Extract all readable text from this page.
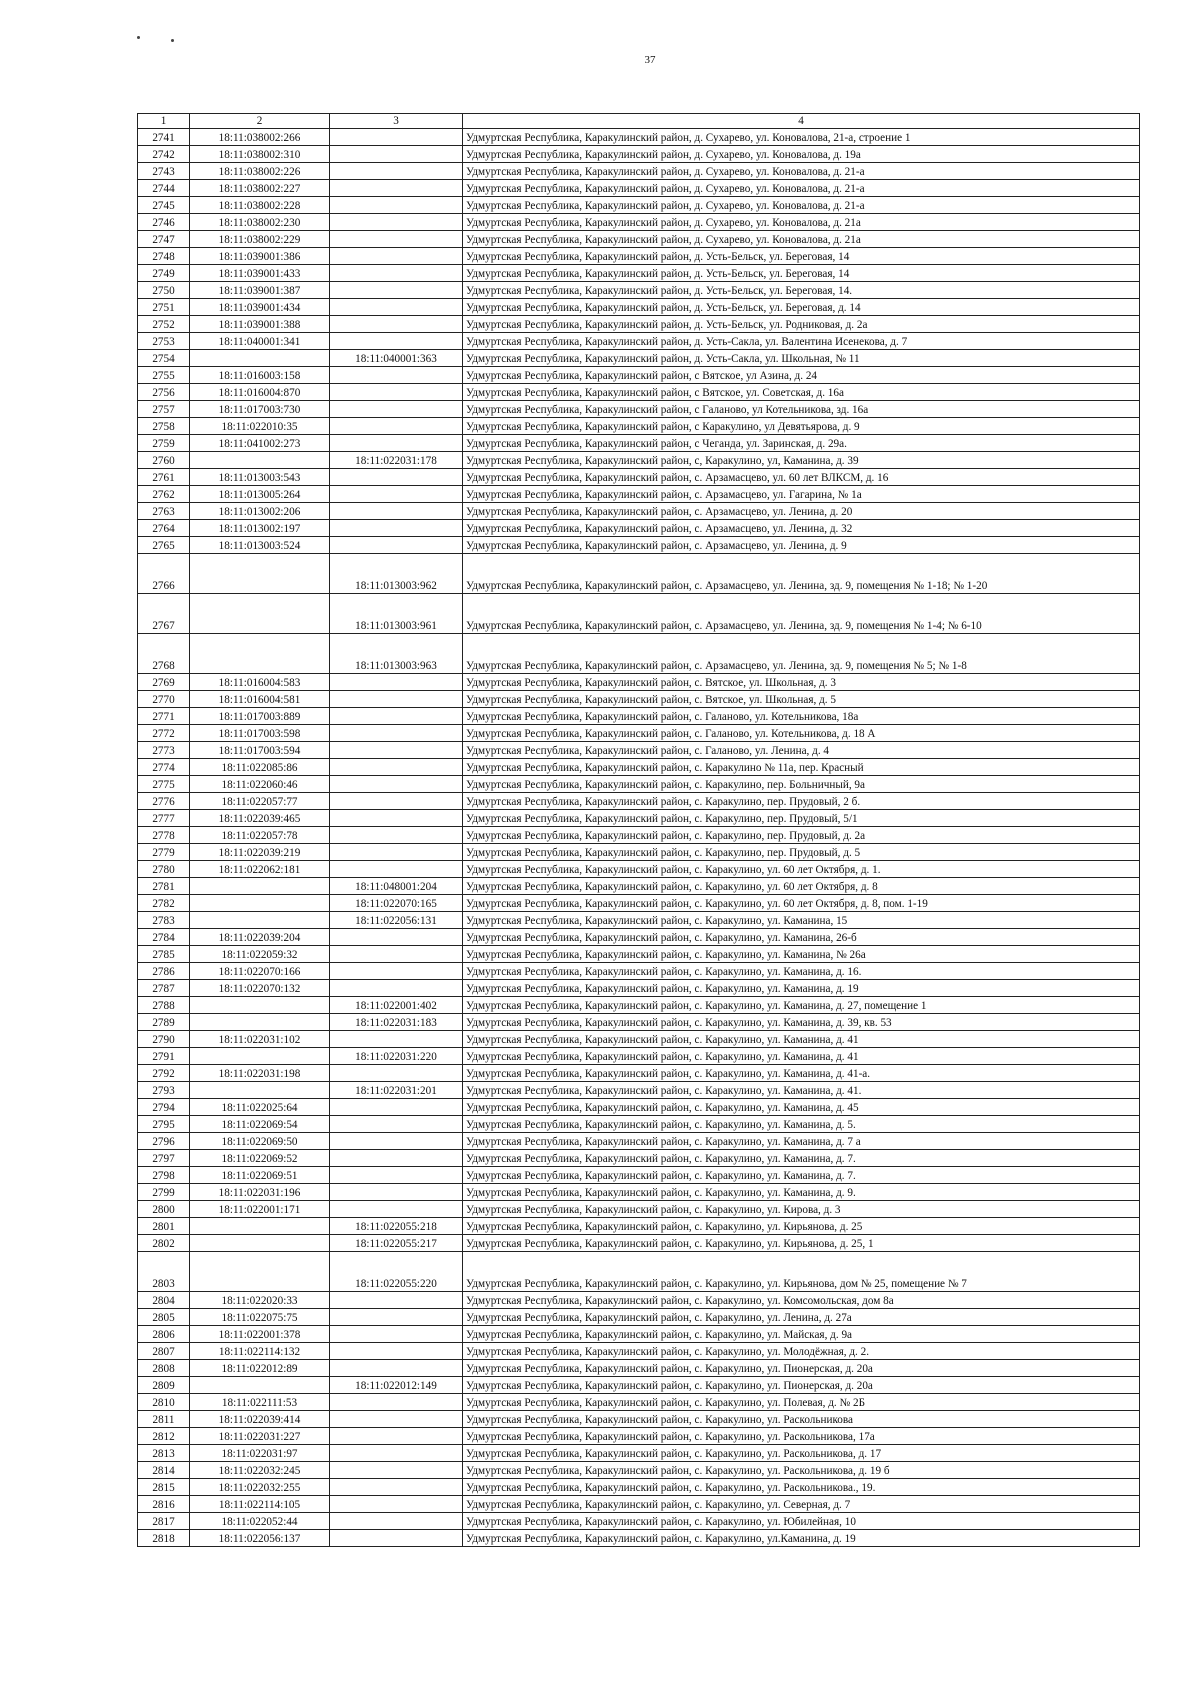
37
1	2	3	4
2741	18:11:038002:266		Удмуртская Республика, Каракулинский район, д. Сухарево, ул. Коновалова, 21-а, строение 1
2742	18:11:038002:310		Удмуртская Республика, Каракулинский район, д. Сухарево, ул. Коновалова, д. 19а
2743	18:11:038002:226		Удмуртская Республика, Каракулинский район, д. Сухарево, ул. Коновалова, д. 21-а
2744	18:11:038002:227		Удмуртская Республика, Каракулинский район, д. Сухарево, ул. Коновалова, д. 21-а
2745	18:11:038002:228		Удмуртская Республика, Каракулинский район, д. Сухарево, ул. Коновалова, д. 21-а
2746	18:11:038002:230		Удмуртская Республика, Каракулинский район, д. Сухарево, ул. Коновалова, д. 21а
2747	18:11:038002:229		Удмуртская Республика, Каракулинский район, д. Сухарево, ул. Коновалова, д. 21а
2748	18:11:039001:386		Удмуртская Республика, Каракулинский район, д. Усть-Бельск, ул. Береговая, 14
2749	18:11:039001:433		Удмуртская Республика, Каракулинский район, д. Усть-Бельск, ул. Береговая, 14
2750	18:11:039001:387		Удмуртская Республика, Каракулинский район, д. Усть-Бельск, ул. Береговая, 14.
2751	18:11:039001:434		Удмуртская Республика, Каракулинский район, д. Усть-Бельск, ул. Береговая, д. 14
2752	18:11:039001:388		Удмуртская Республика, Каракулинский район, д. Усть-Бельск, ул. Родниковая, д. 2а
2753	18:11:040001:341		Удмуртская Республика, Каракулинский район, д. Усть-Сакла, ул. Валентина Исенекова, д. 7
2754		18:11:040001:363	Удмуртская Республика, Каракулинский район, д. Усть-Сакла, ул. Школьная, № 11
2755	18:11:016003:158		Удмуртская Республика, Каракулинский район, с Вятское, ул Азина, д. 24
2756	18:11:016004:870		Удмуртская Республика, Каракулинский район, с Вятское, ул. Советская, д. 16а
2757	18:11:017003:730		Удмуртская Республика, Каракулинский район, с Галаново, ул Котельникова, зд. 16а
2758	18:11:022010:35		Удмуртская Республика, Каракулинский район, с Каракулино, ул Девятьярова, д. 9
2759	18:11:041002:273		Удмуртская Республика, Каракулинский район, с Чеганда, ул. Заринская, д. 29а.
2760		18:11:022031:178	Удмуртская Республика, Каракулинский район, с, Каракулино, ул, Каманина, д. 39
2761	18:11:013003:543		Удмуртская Республика, Каракулинский район, с. Арзамасцево, ул. 60 лет ВЛКСМ, д. 16
2762	18:11:013005:264		Удмуртская Республика, Каракулинский район, с. Арзамасцево, ул. Гагарина, № 1а
2763	18:11:013002:206		Удмуртская Республика, Каракулинский район, с. Арзамасцево, ул. Ленина, д. 20
2764	18:11:013002:197		Удмуртская Республика, Каракулинский район, с. Арзамасцево, ул. Ленина, д. 32
2765	18:11:013003:524		Удмуртская Республика, Каракулинский район, с. Арзамасцево, ул. Ленина, д. 9
2766		18:11:013003:962	Удмуртская Республика, Каракулинский район, с. Арзамасцево, ул. Ленина, зд. 9, помещения № 1-18; № 1-20
2767		18:11:013003:961	Удмуртская Республика, Каракулинский район, с. Арзамасцево, ул. Ленина, зд. 9, помещения № 1-4; № 6-10
2768		18:11:013003:963	Удмуртская Республика, Каракулинский район, с. Арзамасцево, ул. Ленина, зд. 9, помещения № 5; № 1-8
2769	18:11:016004:583		Удмуртская Республика, Каракулинский район, с. Вятское, ул. Школьная, д. 3
2770	18:11:016004:581		Удмуртская Республика, Каракулинский район, с. Вятское, ул. Школьная, д. 5
2771	18:11:017003:889		Удмуртская Республика, Каракулинский район, с. Галаново, ул. Котельникова, 18а
2772	18:11:017003:598		Удмуртская Республика, Каракулинский район, с. Галаново, ул. Котельникова, д. 18 А
2773	18:11:017003:594		Удмуртская Республика, Каракулинский район, с. Галаново, ул. Ленина, д. 4
2774	18:11:022085:86		Удмуртская Республика, Каракулинский район, с. Каракулино № 11а, пер. Красный
2775	18:11:022060:46		Удмуртская Республика, Каракулинский район, с. Каракулино, пер. Больничный, 9а
2776	18:11:022057:77		Удмуртская Республика, Каракулинский район, с. Каракулино, пер. Прудовый, 2 б.
2777	18:11:022039:465		Удмуртская Республика, Каракулинский район, с. Каракулино, пер. Прудовый, 5/1
2778	18:11:022057:78		Удмуртская Республика, Каракулинский район, с. Каракулино, пер. Прудовый, д. 2а
2779	18:11:022039:219		Удмуртская Республика, Каракулинский район, с. Каракулино, пер. Прудовый, д. 5
2780	18:11:022062:181		Удмуртская Республика, Каракулинский район, с. Каракулино, ул. 60 лет Октября, д. 1.
2781		18:11:048001:204	Удмуртская Республика, Каракулинский район, с. Каракулино, ул. 60 лет Октября, д. 8
2782		18:11:022070:165	Удмуртская Республика, Каракулинский район, с. Каракулино, ул. 60 лет Октября, д. 8, пом. 1-19
2783		18:11:022056:131	Удмуртская Республика, Каракулинский район, с. Каракулино, ул. Каманина, 15
2784	18:11:022039:204		Удмуртская Республика, Каракулинский район, с. Каракулино, ул. Каманина, 26-б
2785	18:11:022059:32		Удмуртская Республика, Каракулинский район, с. Каракулино, ул. Каманина, № 26а
2786	18:11:022070:166		Удмуртская Республика, Каракулинский район, с. Каракулино, ул. Каманина, д. 16.
2787	18:11:022070:132		Удмуртская Республика, Каракулинский район, с. Каракулино, ул. Каманина, д. 19
2788		18:11:022001:402	Удмуртская Республика, Каракулинский район, с. Каракулино, ул. Каманина, д. 27, помещение 1
2789		18:11:022031:183	Удмуртская Республика, Каракулинский район, с. Каракулино, ул. Каманина, д. 39, кв. 53
2790	18:11:022031:102		Удмуртская Республика, Каракулинский район, с. Каракулино, ул. Каманина, д. 41
2791		18:11:022031:220	Удмуртская Республика, Каракулинский район, с. Каракулино, ул. Каманина, д. 41
2792	18:11:022031:198		Удмуртская Республика, Каракулинский район, с. Каракулино, ул. Каманина, д. 41-а.
2793		18:11:022031:201	Удмуртская Республика, Каракулинский район, с. Каракулино, ул. Каманина, д. 41.
2794	18:11:022025:64		Удмуртская Республика, Каракулинский район, с. Каракулино, ул. Каманина, д. 45
2795	18:11:022069:54		Удмуртская Республика, Каракулинский район, с. Каракулино, ул. Каманина, д. 5.
2796	18:11:022069:50		Удмуртская Республика, Каракулинский район, с. Каракулино, ул. Каманина, д. 7 а
2797	18:11:022069:52		Удмуртская Республика, Каракулинский район, с. Каракулино, ул. Каманина, д. 7.
2798	18:11:022069:51		Удмуртская Республика, Каракулинский район, с. Каракулино, ул. Каманина, д. 7.
2799	18:11:022031:196		Удмуртская Республика, Каракулинский район, с. Каракулино, ул. Каманина, д. 9.
2800	18:11:022001:171		Удмуртская Республика, Каракулинский район, с. Каракулино, ул. Кирова, д. 3
2801		18:11:022055:218	Удмуртская Республика, Каракулинский район, с. Каракулино, ул. Кирьянова, д. 25
2802		18:11:022055:217	Удмуртская Республика, Каракулинский район, с. Каракулино, ул. Кирьянова, д. 25, 1
2803		18:11:022055:220	Удмуртская Республика, Каракулинский район, с. Каракулино, ул. Кирьянова, дом № 25, помещение № 7
2804	18:11:022020:33		Удмуртская Республика, Каракулинский район, с. Каракулино, ул. Комсомольская, дом 8а
2805	18:11:022075:75		Удмуртская Республика, Каракулинский район, с. Каракулино, ул. Ленина, д. 27а
2806	18:11:022001:378		Удмуртская Республика, Каракулинский район, с. Каракулино, ул. Майская, д. 9а
2807	18:11:022114:132		Удмуртская Республика, Каракулинский район, с. Каракулино, ул. Молодёжная, д. 2.
2808	18:11:022012:89		Удмуртская Республика, Каракулинский район, с. Каракулино, ул. Пионерская, д. 20а
2809		18:11:022012:149	Удмуртская Республика, Каракулинский район, с. Каракулино, ул. Пионерская, д. 20а
2810	18:11:022111:53		Удмуртская Республика, Каракулинский район, с. Каракулино, ул. Полевая, д. № 2Б
2811	18:11:022039:414		Удмуртская Республика, Каракулинский район, с. Каракулино, ул. Раскольникова
2812	18:11:022031:227		Удмуртская Республика, Каракулинский район, с. Каракулино, ул. Раскольникова, 17а
2813	18:11:022031:97		Удмуртская Республика, Каракулинский район, с. Каракулино, ул. Раскольникова, д. 17
2814	18:11:022032:245		Удмуртская Республика, Каракулинский район, с. Каракулино, ул. Раскольникова, д. 19 б
2815	18:11:022032:255		Удмуртская Республика, Каракулинский район, с. Каракулино, ул. Раскольникова., 19.
2816	18:11:022114:105		Удмуртская Республика, Каракулинский район, с. Каракулино, ул. Северная, д. 7
2817	18:11:022052:44		Удмуртская Республика, Каракулинский район, с. Каракулино, ул. Юбилейная, 10
2818	18:11:022056:137		Удмуртская Республика, Каракулинский район, с. Каракулино, ул.Каманина, д. 19
